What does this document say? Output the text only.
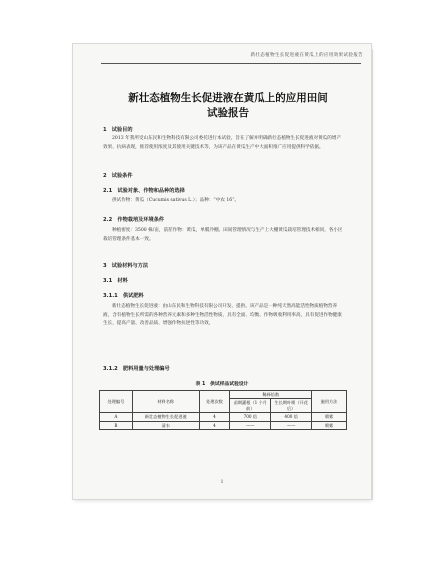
新壮态植物生长促进液在黄瓜上的应用效果试验报告
新壮态植物生长促进液在黄瓜上的应用田间
试验报告
1　试验目的
2013 年我所受山东民和生物科技有限公司委托进行本试验，旨在了解并明确新壮态植物生长促进液对黄瓜的增产效果、抗病表现，推荐使用浓度及其使用关键技术等，为该产品在黄瓜生产中大面积推广应用提供科学依据。
2　试验条件
2.1　试验对象、作物和品种的选择
供试作物：黄瓜（Cucumis sativus L.）；品种：“中农 16”。
2.2　作物栽培及环境条件
种植密度：3500 株/亩，前茬作物：黄瓜，单膜冷棚。田间管理情况与生产上大棚黄瓜栽培管理技术相同，各小区栽培管理条件基本一致。
3　试验材料与方法
3.1　材料
3.1.1　供试肥料
新壮态植物生长促进液：由山东民和生物科技有限公司开发、提供。该产品是一种纯天然高能活性物质植物营养液，含有植物生长所需的各种营养元素和多种生物活性物质，具有全面、均衡、作物吸收利用率高，具有促进作物健康生长，提高产量、改善品质、增强作物抗逆性等功效。
3.1.2　肥料用量与处理编号
表 1　供试样品试验设计
处理编号	材料名称	处理次数	稀释倍数		施用方法
			苗期灌根（1 个月前）	生长期叶喷（开花后）	
A	新壮态植物生长促进液	4	700 倍	400 倍	喷雾
B	清水	4	——	——	喷雾
1
